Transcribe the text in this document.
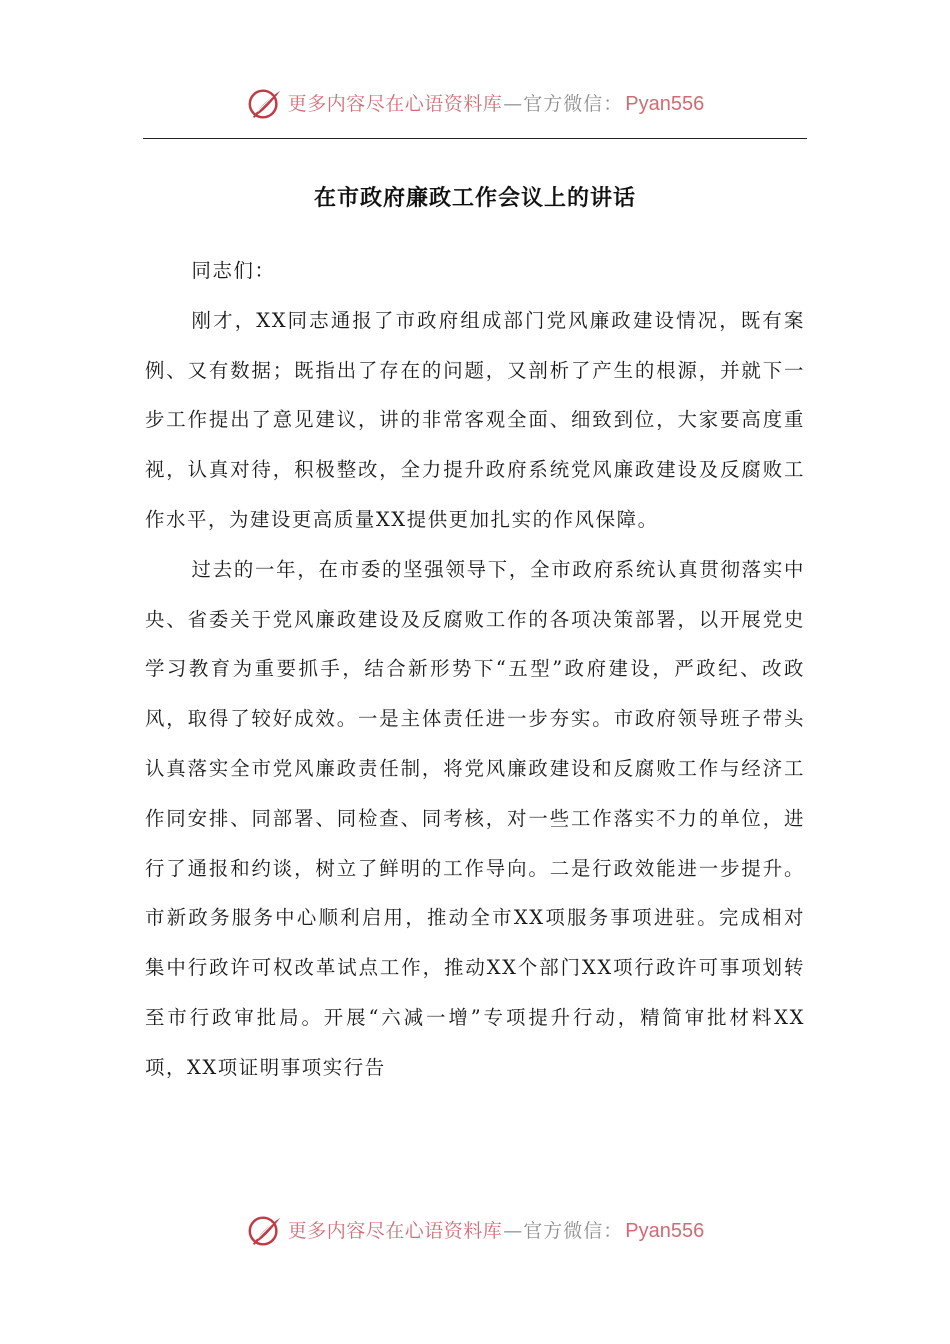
更多内容尽在心语资料库 — 官方微信： Pyan556
在市政府廉政工作会议上的讲话

同志们：

刚才，XX同志通报了市政府组成部门党风廉政建设情况，既有案例、又有数据；既指出了存在的问题，又剖析了产生的根源，并就下一步工作提出了意见建议，讲的非常客观全面、细致到位，大家要高度重视，认真对待，积极整改，全力提升政府系统党风廉政建设及反腐败工作水平，为建设更高质量XX提供更加扎实的作风保障。

过去的一年，在市委的坚强领导下，全市政府系统认真贯彻落实中央、省委关于党风廉政建设及反腐败工作的各项决策部署，以开展党史学习教育为重要抓手，结合新形势下“五型”政府建设，严政纪、改政风，取得了较好成效。一是主体责任进一步夯实。市政府领导班子带头认真落实全市党风廉政责任制，将党风廉政建设和反腐败工作与经济工作同安排、同部署、同检查、同考核，对一些工作落实不力的单位，进行了通报和约谈，树立了鲜明的工作导向。二是行政效能进一步提升。市新政务服务中心顺利启用，推动全市XX项服务事项进驻。完成相对集中行政许可权改革试点工作，推动XX个部门XX项行政许可事项划转至市行政审批局。开展“六减一增”专项提升行动，精简审批材料XX项，XX项证明事项实行告

更多内容尽在心语资料库 — 官方微信： Pyan556
